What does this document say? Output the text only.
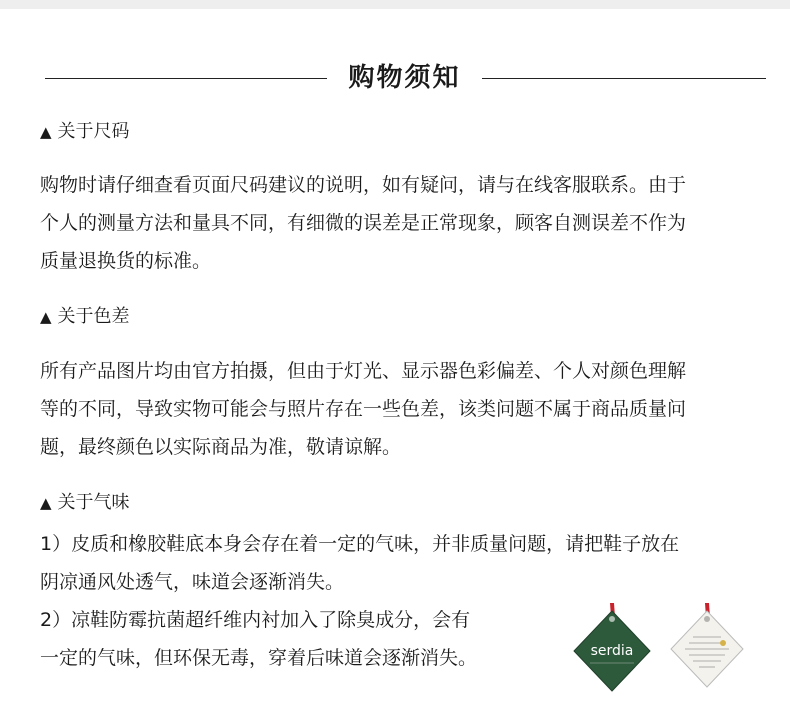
购物须知
▲ 关于尺码

购物时请仔细查看页面尺码建议的说明，如有疑问，请与在线客服联系。由于
个人的测量方法和量具不同，有细微的误差是正常现象，顾客自测误差不作为
质量退换货的标准。

▲ 关于色差

所有产品图片均由官方拍摄，但由于灯光、显示器色彩偏差、个人对颜色理解
等的不同，导致实物可能会与照片存在一些色差，该类问题不属于商品质量问
题，最终颜色以实际商品为准，敬请谅解。

▲ 关于气味

1）皮质和橡胶鞋底本身会存在着一定的气味，并非质量问题，请把鞋子放在
阴凉通风处透气，味道会逐渐消失。
2）凉鞋防霉抗菌超纤维内衬加入了除臭成分，会有
一定的气味，但环保无毒，穿着后味道会逐渐消失。	serdia
